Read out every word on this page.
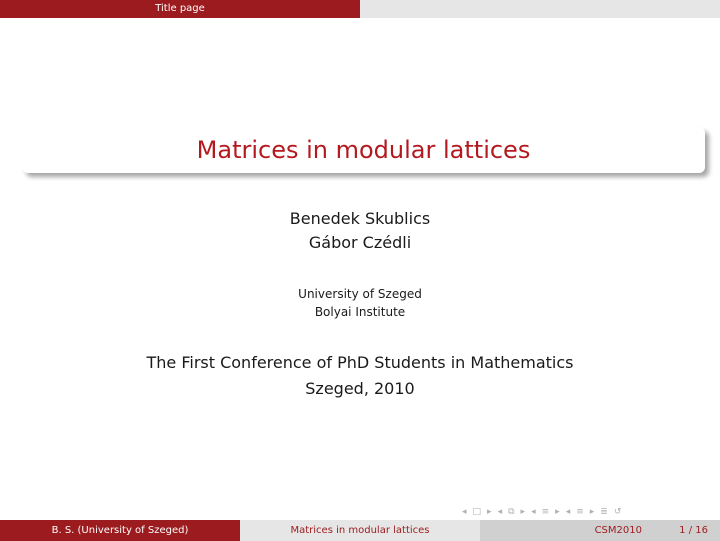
Title page
Matrices in modular lattices
Benedek Skublics
Gábor Czédli
University of Szeged
Bolyai Institute
The First Conference of PhD Students in Mathematics
Szeged, 2010
◂ □ ▸ ◂ ⧉ ▸ ◂ ≡ ▸ ◂ ≡ ▸ ≣ ↺
B. S. (University of Szeged)	Matrices in modular lattices	CSM2010	1 / 16
